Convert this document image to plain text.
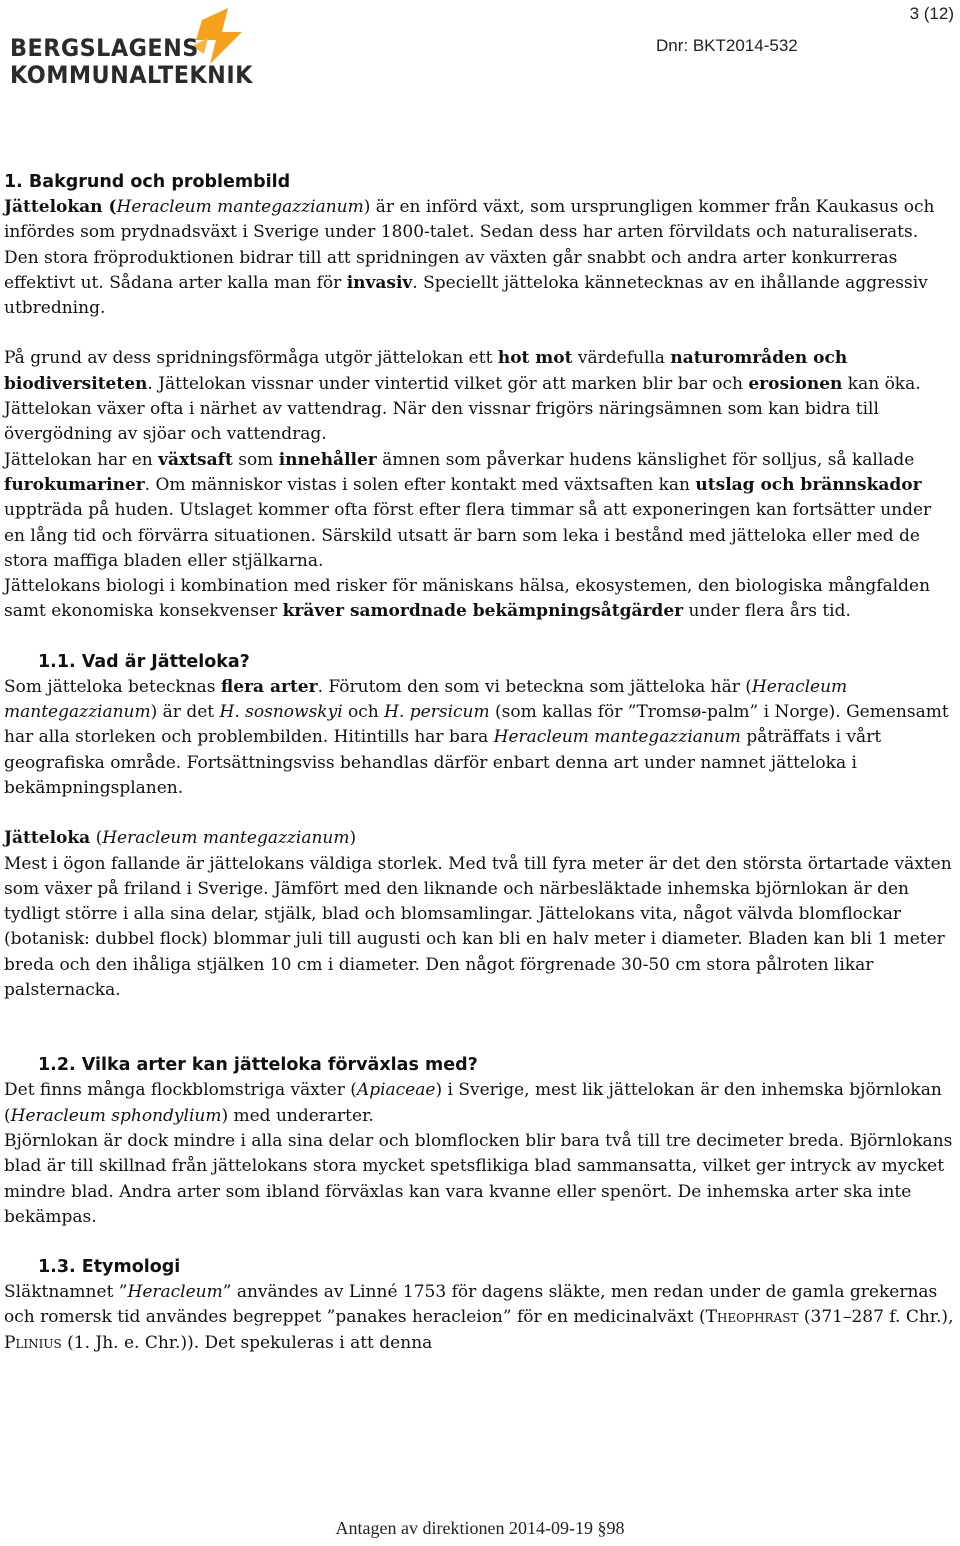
3 (12)
BERGSLAGENS
KOMMUNALTEKNIK
Dnr: BKT2014-532
1. Bakgrund och problembild

Jättelokan (Heracleum mantegazzianum) är en införd växt, som ursprungligen kommer från Kaukasus och infördes som prydnadsväxt i Sverige under 1800-talet. Sedan dess har arten förvildats och naturaliserats. Den stora fröproduktionen bidrar till att spridningen av växten går snabbt och andra arter konkurreras effektivt ut. Sådana arter kalla man för invasiv. Speciellt jätteloka kännetecknas av en ihållande aggressiv utbredning.

På grund av dess spridningsförmåga utgör jättelokan ett hot mot värdefulla naturområden och biodiversiteten. Jättelokan vissnar under vintertid vilket gör att marken blir bar och erosionen kan öka. Jättelokan växer ofta i närhet av vattendrag. När den vissnar frigörs näringsämnen som kan bidra till övergödning av sjöar och vattendrag.

Jättelokan har en växtsaft som innehåller ämnen som påverkar hudens känslighet för solljus, så kallade furokumariner. Om människor vistas i solen efter kontakt med växtsaften kan utslag och brännskador uppträda på huden. Utslaget kommer ofta först efter flera timmar så att exponeringen kan fortsätter under en lång tid och förvärra situationen. Särskild utsatt är barn som leka i bestånd med jätteloka eller med de stora maffiga bladen eller stjälkarna.

Jättelokans biologi i kombination med risker för mäniskans hälsa, ekosystemen, den biologiska mångfalden samt ekonomiska konsekvenser kräver samordnade bekämpningsåtgärder under flera års tid.

1.1. Vad är Jätteloka?

Som jätteloka betecknas flera arter. Förutom den som vi beteckna som jätteloka här (Heracleum mantegazzianum) är det H. sosnowskyi och H. persicum (som kallas för ”Tromsø-palm” i Norge). Gemensamt har alla storleken och problembilden. Hitintills har bara Heracleum mantegazzianum påträffats i vårt geografiska område. Fortsättningsviss behandlas därför enbart denna art under namnet jätteloka i bekämpningsplanen.

Jätteloka (Heracleum mantegazzianum)

Mest i ögon fallande är jättelokans väldiga storlek. Med två till fyra meter är det den största örtartade växten som växer på friland i Sverige. Jämfört med den liknande och närbesläktade inhemska björnlokan är den tydligt större i alla sina delar, stjälk, blad och blomsamlingar. Jättelokans vita, något välvda blomflockar (botanisk: dubbel flock) blommar juli till augusti och kan bli en halv meter i diameter. Bladen kan bli 1 meter breda och den ihåliga stjälken 10 cm i diameter. Den något förgrenade 30-50 cm stora pålroten likar palsternacka.

1.2. Vilka arter kan jätteloka förväxlas med?

Det finns många flockblomstriga växter (Apiaceae) i Sverige, mest lik jättelokan är den inhemska björnlokan (Heracleum sphondylium) med underarter.

Björnlokan är dock mindre i alla sina delar och blomflocken blir bara två till tre decimeter breda. Björnlokans blad är till skillnad från jättelokans stora mycket spetsflikiga blad sammansatta, vilket ger intryck av mycket mindre blad. Andra arter som ibland förväxlas kan vara kvanne eller spenört. De inhemska arter ska inte bekämpas.

1.3. Etymologi

Släktnamnet ”Heracleum” användes av Linné 1753 för dagens släkte, men redan under de gamla grekernas och romersk tid användes begreppet ”panakes heracleion” för en medicinalväxt (Theophrast (371–287 f. Chr.), Plinius (1. Jh. e. Chr.)). Det spekuleras i att denna

Antagen av direktionen 2014-09-19 §98
